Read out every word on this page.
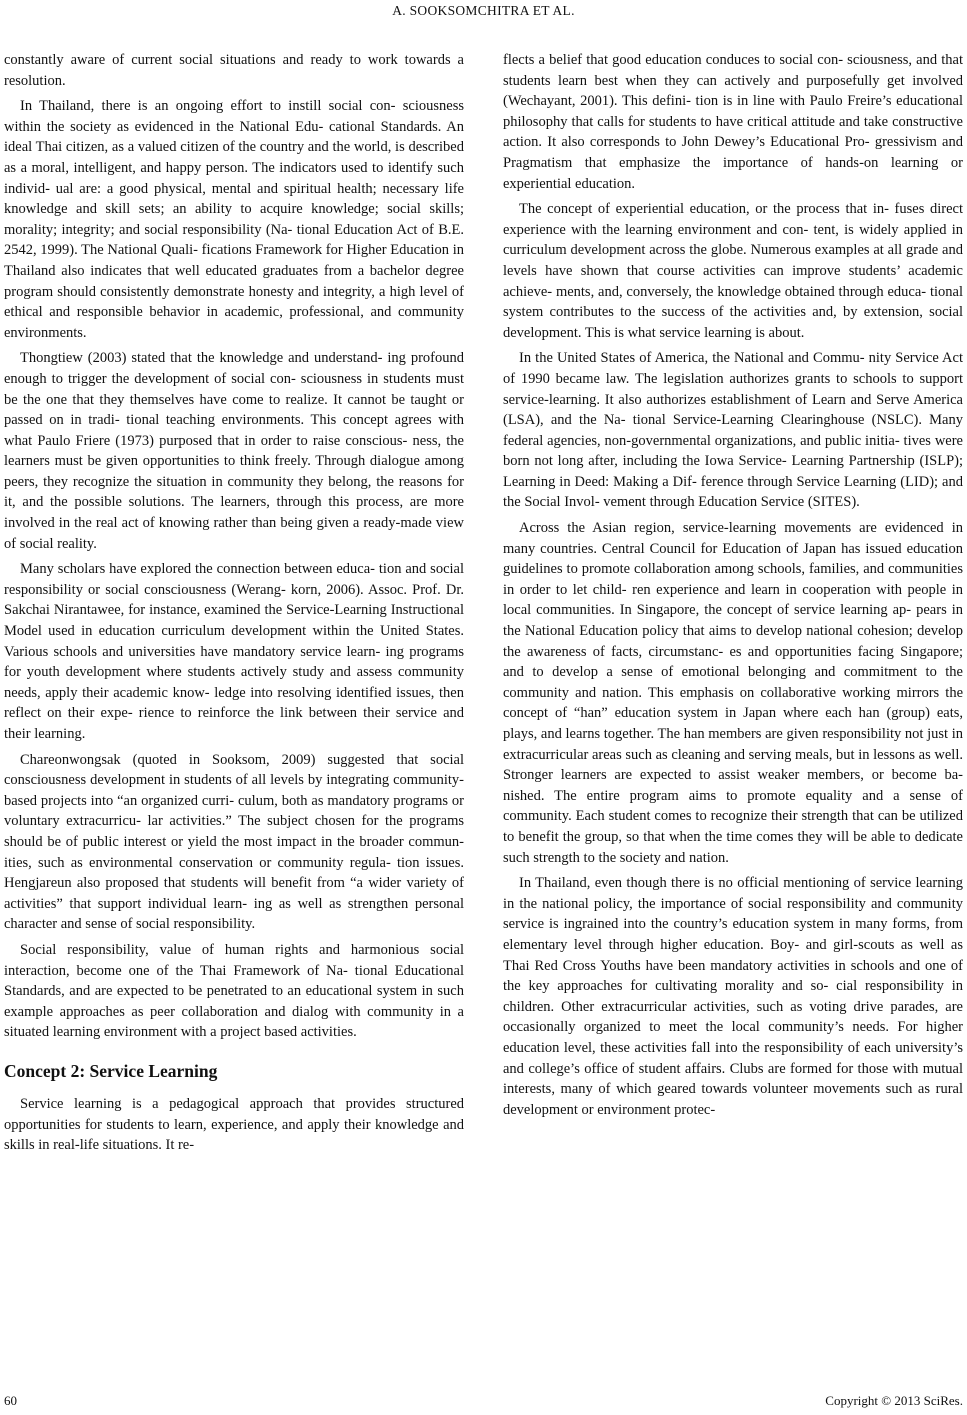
A. SOOKSOMCHITRA ET AL.

constantly aware of current social situations and ready to work towards a resolution.

In Thailand, there is an ongoing effort to instill social con- sciousness within the society as evidenced in the National Edu- cational Standards. An ideal Thai citizen, as a valued citizen of the country and the world, is described as a moral, intelligent, and happy person. The indicators used to identify such individ- ual are: a good physical, mental and spiritual health; necessary life knowledge and skill sets; an ability to acquire knowledge; social skills; morality; integrity; and social responsibility (Na- tional Education Act of B.E. 2542, 1999). The National Quali- fications Framework for Higher Education in Thailand also indicates that well educated graduates from a bachelor degree program should consistently demonstrate honesty and integrity, a high level of ethical and responsible behavior in academic, professional, and community environments.

Thongtiew (2003) stated that the knowledge and understand- ing profound enough to trigger the development of social con- sciousness in students must be the one that they themselves have come to realize. It cannot be taught or passed on in tradi- tional teaching environments. This concept agrees with what Paulo Friere (1973) purposed that in order to raise conscious- ness, the learners must be given opportunities to think freely. Through dialogue among peers, they recognize the situation in community they belong, the reasons for it, and the possible solutions. The learners, through this process, are more involved in the real act of knowing rather than being given a ready-made view of social reality.

Many scholars have explored the connection between educa- tion and social responsibility or social consciousness (Werang- korn, 2006). Assoc. Prof. Dr. Sakchai Nirantawee, for instance, examined the Service-Learning Instructional Model used in education curriculum development within the United States. Various schools and universities have mandatory service learn- ing programs for youth development where students actively study and assess community needs, apply their academic know- ledge into resolving identified issues, then reflect on their expe- rience to reinforce the link between their service and their learning.

Chareonwongsak (quoted in Sooksom, 2009) suggested that social consciousness development in students of all levels by integrating community-based projects into “an organized curri- culum, both as mandatory programs or voluntary extracurricu- lar activities.” The subject chosen for the programs should be of public interest or yield the most impact in the broader commun- ities, such as environmental conservation or community regula- tion issues. Hengjareun also proposed that students will benefit from “a wider variety of activities” that support individual learn- ing as well as strengthen personal character and sense of social responsibility.

Social responsibility, value of human rights and harmonious social interaction, become one of the Thai Framework of Na- tional Educational Standards, and are expected to be penetrated to an educational system in such example approaches as peer collaboration and dialog with community in a situated learning environment with a project based activities.

Concept 2: Service Learning

Service learning is a pedagogical approach that provides structured opportunities for students to learn, experience, and apply their knowledge and skills in real-life situations. It re-

flects a belief that good education conduces to social con- sciousness, and that students learn best when they can actively and purposefully get involved (Wechayant, 2001). This defini- tion is in line with Paulo Freire’s educational philosophy that calls for students to have critical attitude and take constructive action. It also corresponds to John Dewey’s Educational Pro- gressivism and Pragmatism that emphasize the importance of hands-on learning or experiential education.

The concept of experiential education, or the process that in- fuses direct experience with the learning environment and con- tent, is widely applied in curriculum development across the globe. Numerous examples at all grade and levels have shown that course activities can improve students’ academic achieve- ments, and, conversely, the knowledge obtained through educa- tional system contributes to the success of the activities and, by extension, social development. This is what service learning is about.

In the United States of America, the National and Commu- nity Service Act of 1990 became law. The legislation authorizes grants to schools to support service-learning. It also authorizes establishment of Learn and Serve America (LSA), and the Na- tional Service-Learning Clearinghouse (NSLC). Many federal agencies, non-governmental organizations, and public initia- tives were born not long after, including the Iowa Service- Learning Partnership (ISLP); Learning in Deed: Making a Dif- ference through Service Learning (LID); and the Social Invol- vement through Education Service (SITES).

Across the Asian region, service-learning movements are evidenced in many countries. Central Council for Education of Japan has issued education guidelines to promote collaboration among schools, families, and communities in order to let child- ren experience and learn in cooperation with people in local communities. In Singapore, the concept of service learning ap- pears in the National Education policy that aims to develop national cohesion; develop the awareness of facts, circumstanc- es and opportunities facing Singapore; and to develop a sense of emotional belonging and commitment to the community and nation. This emphasis on collaborative working mirrors the concept of “han” education system in Japan where each han (group) eats, plays, and learns together. The han members are given responsibility not just in extracurricular areas such as cleaning and serving meals, but in lessons as well. Stronger learners are expected to assist weaker members, or become ba- nished. The entire program aims to promote equality and a sense of community. Each student comes to recognize their strength that can be utilized to benefit the group, so that when the time comes they will be able to dedicate such strength to the society and nation.

In Thailand, even though there is no official mentioning of service learning in the national policy, the importance of social responsibility and community service is ingrained into the country’s education system in many forms, from elementary level through higher education. Boy- and girl-scouts as well as Thai Red Cross Youths have been mandatory activities in schools and one of the key approaches for cultivating morality and so- cial responsibility in children. Other extracurricular activities, such as voting drive parades, are occasionally organized to meet the local community’s needs. For higher education level, these activities fall into the responsibility of each university’s and college’s office of student affairs. Clubs are formed for those with mutual interests, many of which geared towards volunteer movements such as rural development or environment protec-

60	Copyright © 2013 SciRes.
